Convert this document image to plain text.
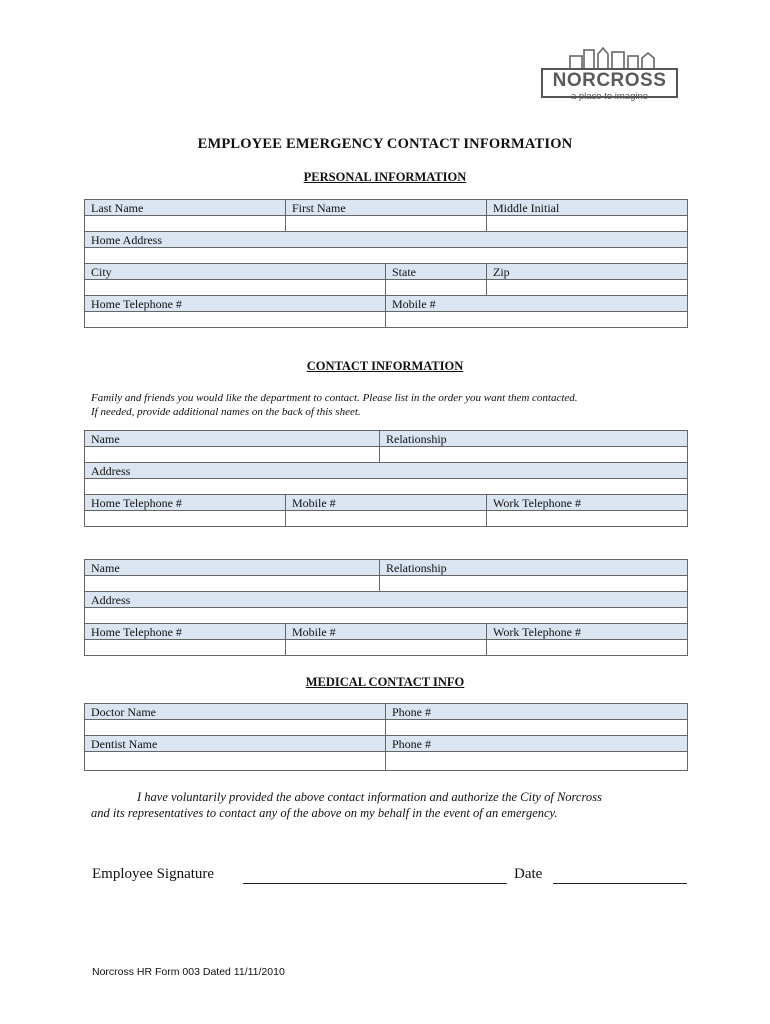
NORCROSS
a place to imagine
EMPLOYEE EMERGENCY CONTACT INFORMATION
PERSONAL INFORMATION
Last Name	First Name		Middle Initial

Home Address			

City		State	Zip

Home Telephone #		Mobile #	

CONTACT INFORMATION
Family and friends you would like the department to contact. Please list in the order you want them contacted.
If needed, provide additional names on the back of this sheet.
Name		Relationship	

Address			

Home Telephone #	Mobile #		Work Telephone #

Name		Relationship	

Address			

Home Telephone #	Mobile #		Work Telephone #

MEDICAL CONTACT INFO
Doctor Name	Phone #

Dentist Name	Phone #

I have voluntarily provided the above contact information and authorize the City of Norcross
and its representatives to contact any of the above on my behalf in the event of an emergency.
Employee Signature	Date
Norcross HR Form 003 Dated 11/11/2010
